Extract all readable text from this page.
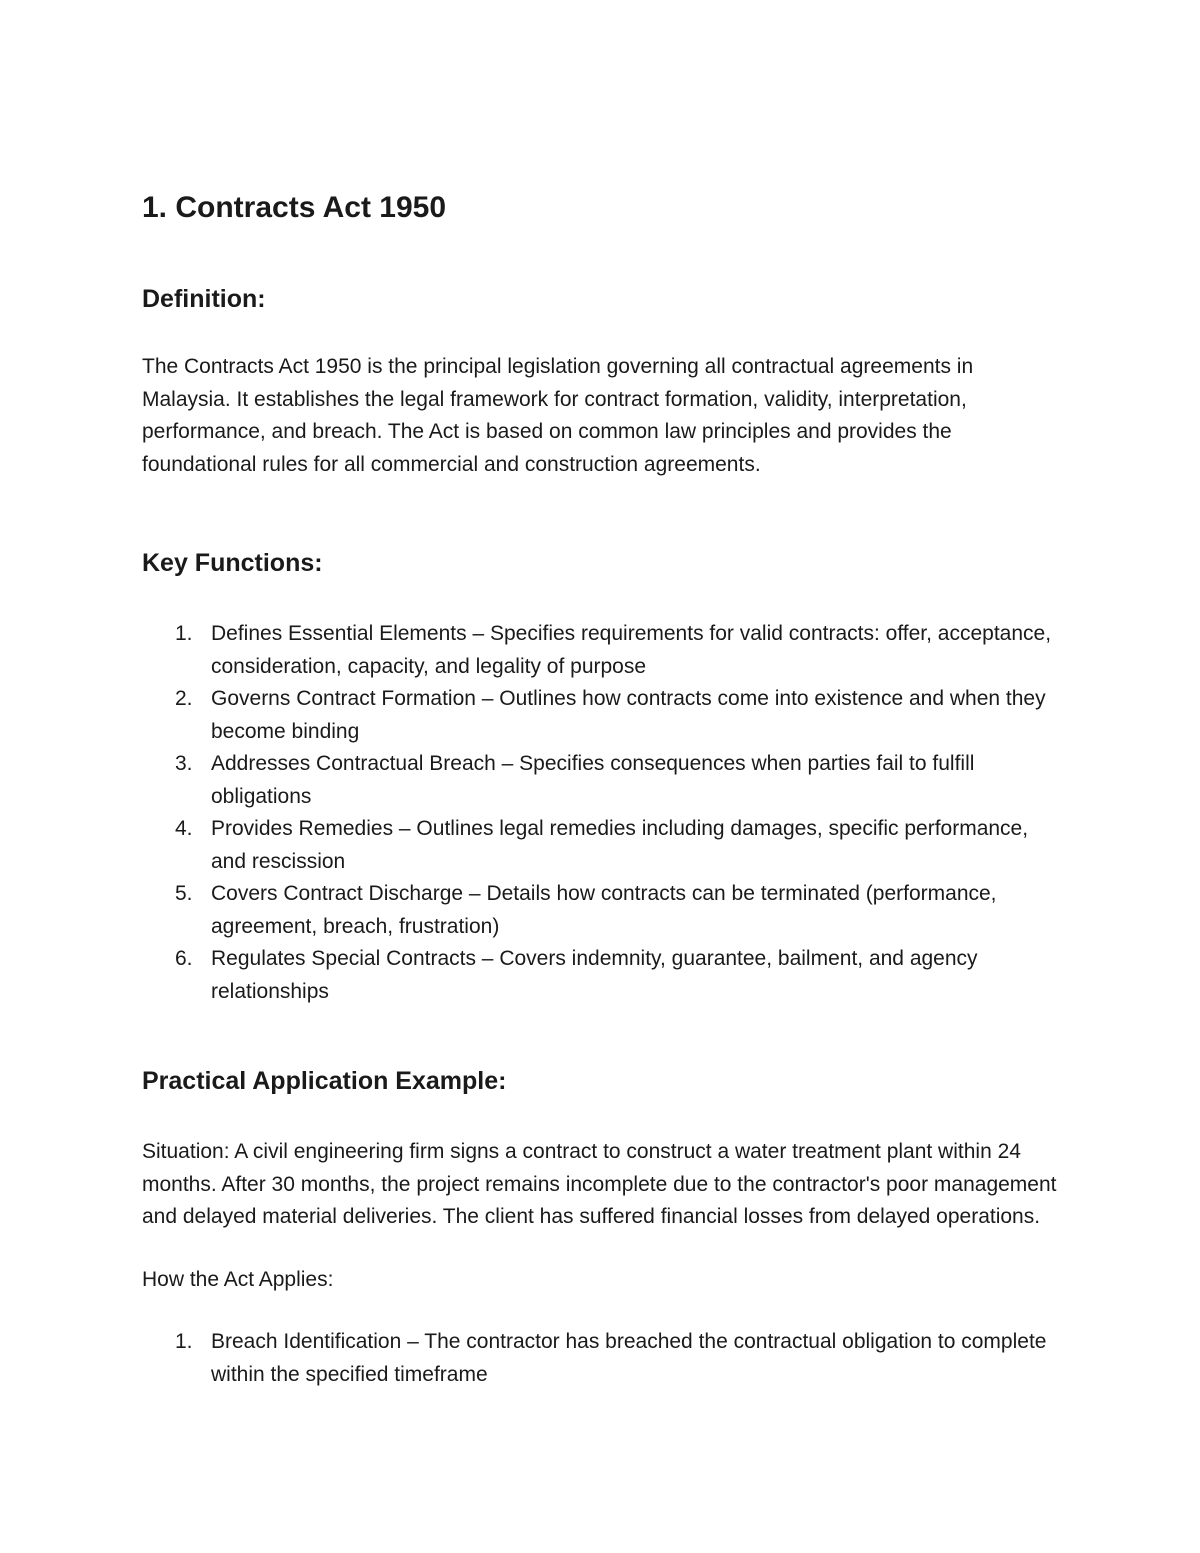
1. Contracts Act 1950
Definition:

The Contracts Act 1950 is the principal legislation governing all contractual agreements in Malaysia. It establishes the legal framework for contract formation, validity, interpretation, performance, and breach. The Act is based on common law principles and provides the foundational rules for all commercial and construction agreements.

Key Functions:
1. Defines Essential Elements – Specifies requirements for valid contracts: offer, acceptance, consideration, capacity, and legality of purpose
2. Governs Contract Formation – Outlines how contracts come into existence and when they become binding
3. Addresses Contractual Breach – Specifies consequences when parties fail to fulfill obligations
4. Provides Remedies – Outlines legal remedies including damages, specific performance, and rescission
5. Covers Contract Discharge – Details how contracts can be terminated (performance, agreement, breach, frustration)
6. Regulates Special Contracts – Covers indemnity, guarantee, bailment, and agency relationships
Practical Application Example:

Situation: A civil engineering firm signs a contract to construct a water treatment plant within 24 months. After 30 months, the project remains incomplete due to the contractor's poor management and delayed material deliveries. The client has suffered financial losses from delayed operations.

How the Act Applies:

1. Breach Identification – The contractor has breached the contractual obligation to complete within the specified timeframe
